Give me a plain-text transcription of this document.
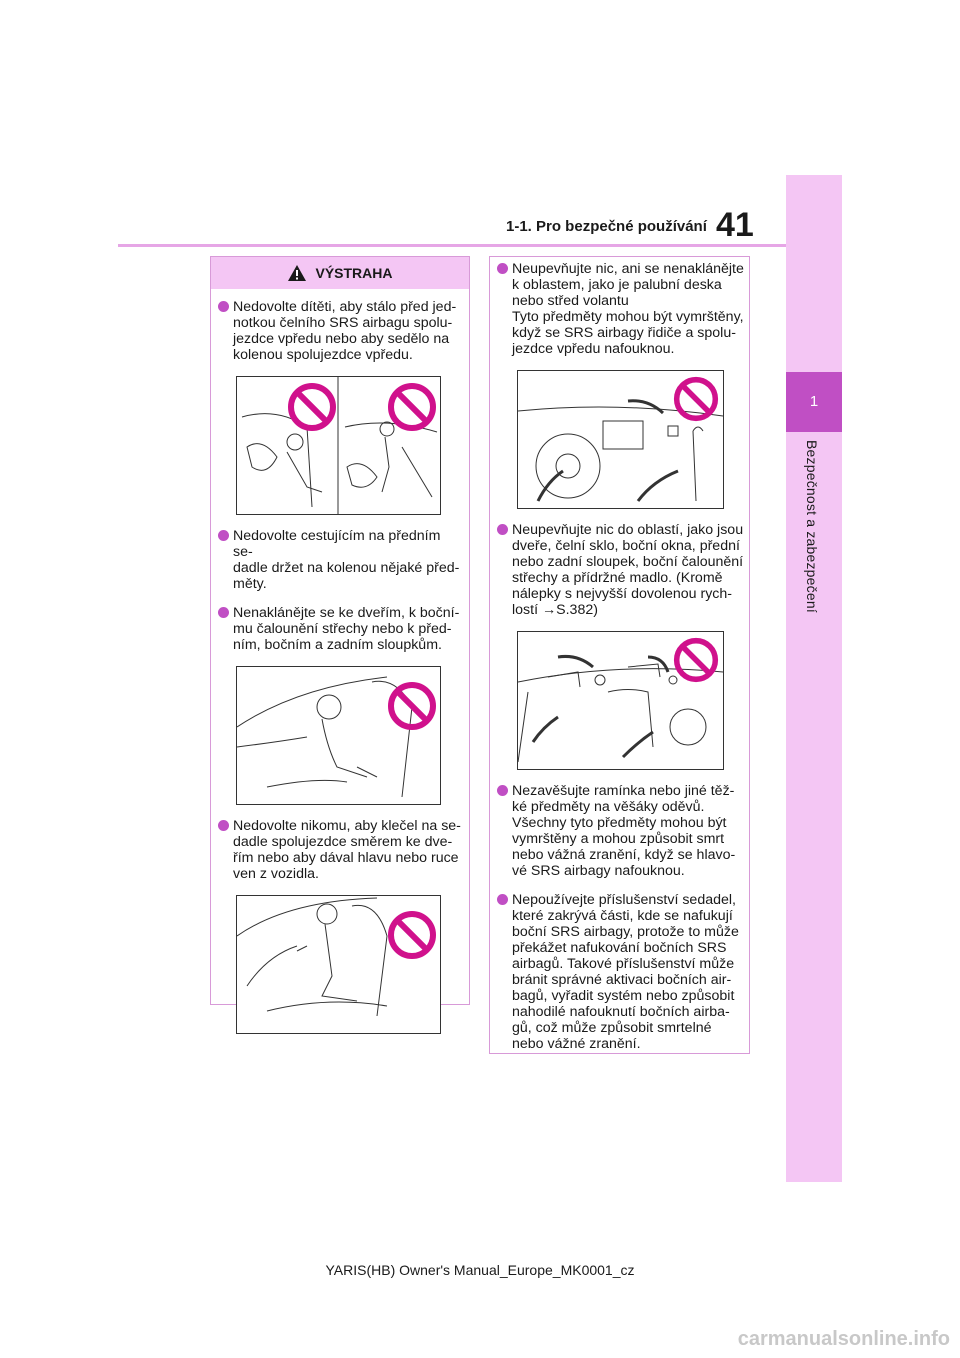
1-1. Pro bezpečné používání 41
1
Bezpečnost a zabezpečení
VÝSTRAHA
Nedovolte dítěti, aby stálo před jed-
notkou čelního SRS airbagu spolu-
jezdce vpředu nebo aby sedělo na
kolenou spolujezdce vpředu.
Nedovolte cestujícím na předním se-
dadle držet na kolenou nějaké před-
měty.
Nenaklánějte se ke dveřím, k boční-
mu čalounění střechy nebo k před-
ním, bočním a zadním sloupkům.
Nedovolte nikomu, aby klečel na se-
dadle spolujezdce směrem ke dve-
řím nebo aby dával hlavu nebo ruce
ven z vozidla.
Neupevňujte nic, ani se nenaklánějte
k oblastem, jako je palubní deska
nebo střed volantu
Tyto předměty mohou být vymrštěny,
když se SRS airbagy řidiče a spolu-
jezdce vpředu nafouknou.
Neupevňujte nic do oblastí, jako jsou
dveře, čelní sklo, boční okna, přední
nebo zadní sloupek, boční čalounění
střechy a přídržné madlo. (Kromě
nálepky s nejvyšší dovolenou rych-
lostí →S.382)
Nezavěšujte ramínka nebo jiné těž-
ké předměty na věšáky oděvů.
Všechny tyto předměty mohou být
vymrštěny a mohou způsobit smrt
nebo vážná zranění, když se hlavo-
vé SRS airbagy nafouknou.
Nepoužívejte příslušenství sedadel,
které zakrývá části, kde se nafukují
boční SRS airbagy, protože to může
překážet nafukování bočních SRS
airbagů. Takové příslušenství může
bránit správné aktivaci bočních air-
bagů, vyřadit systém nebo způsobit
nahodilé nafouknutí bočních airba-
gů, což může způsobit smrtelné
nebo vážné zranění.
YARIS(HB) Owner's Manual_Europe_MK0001_cz
carmanualsonline.info
